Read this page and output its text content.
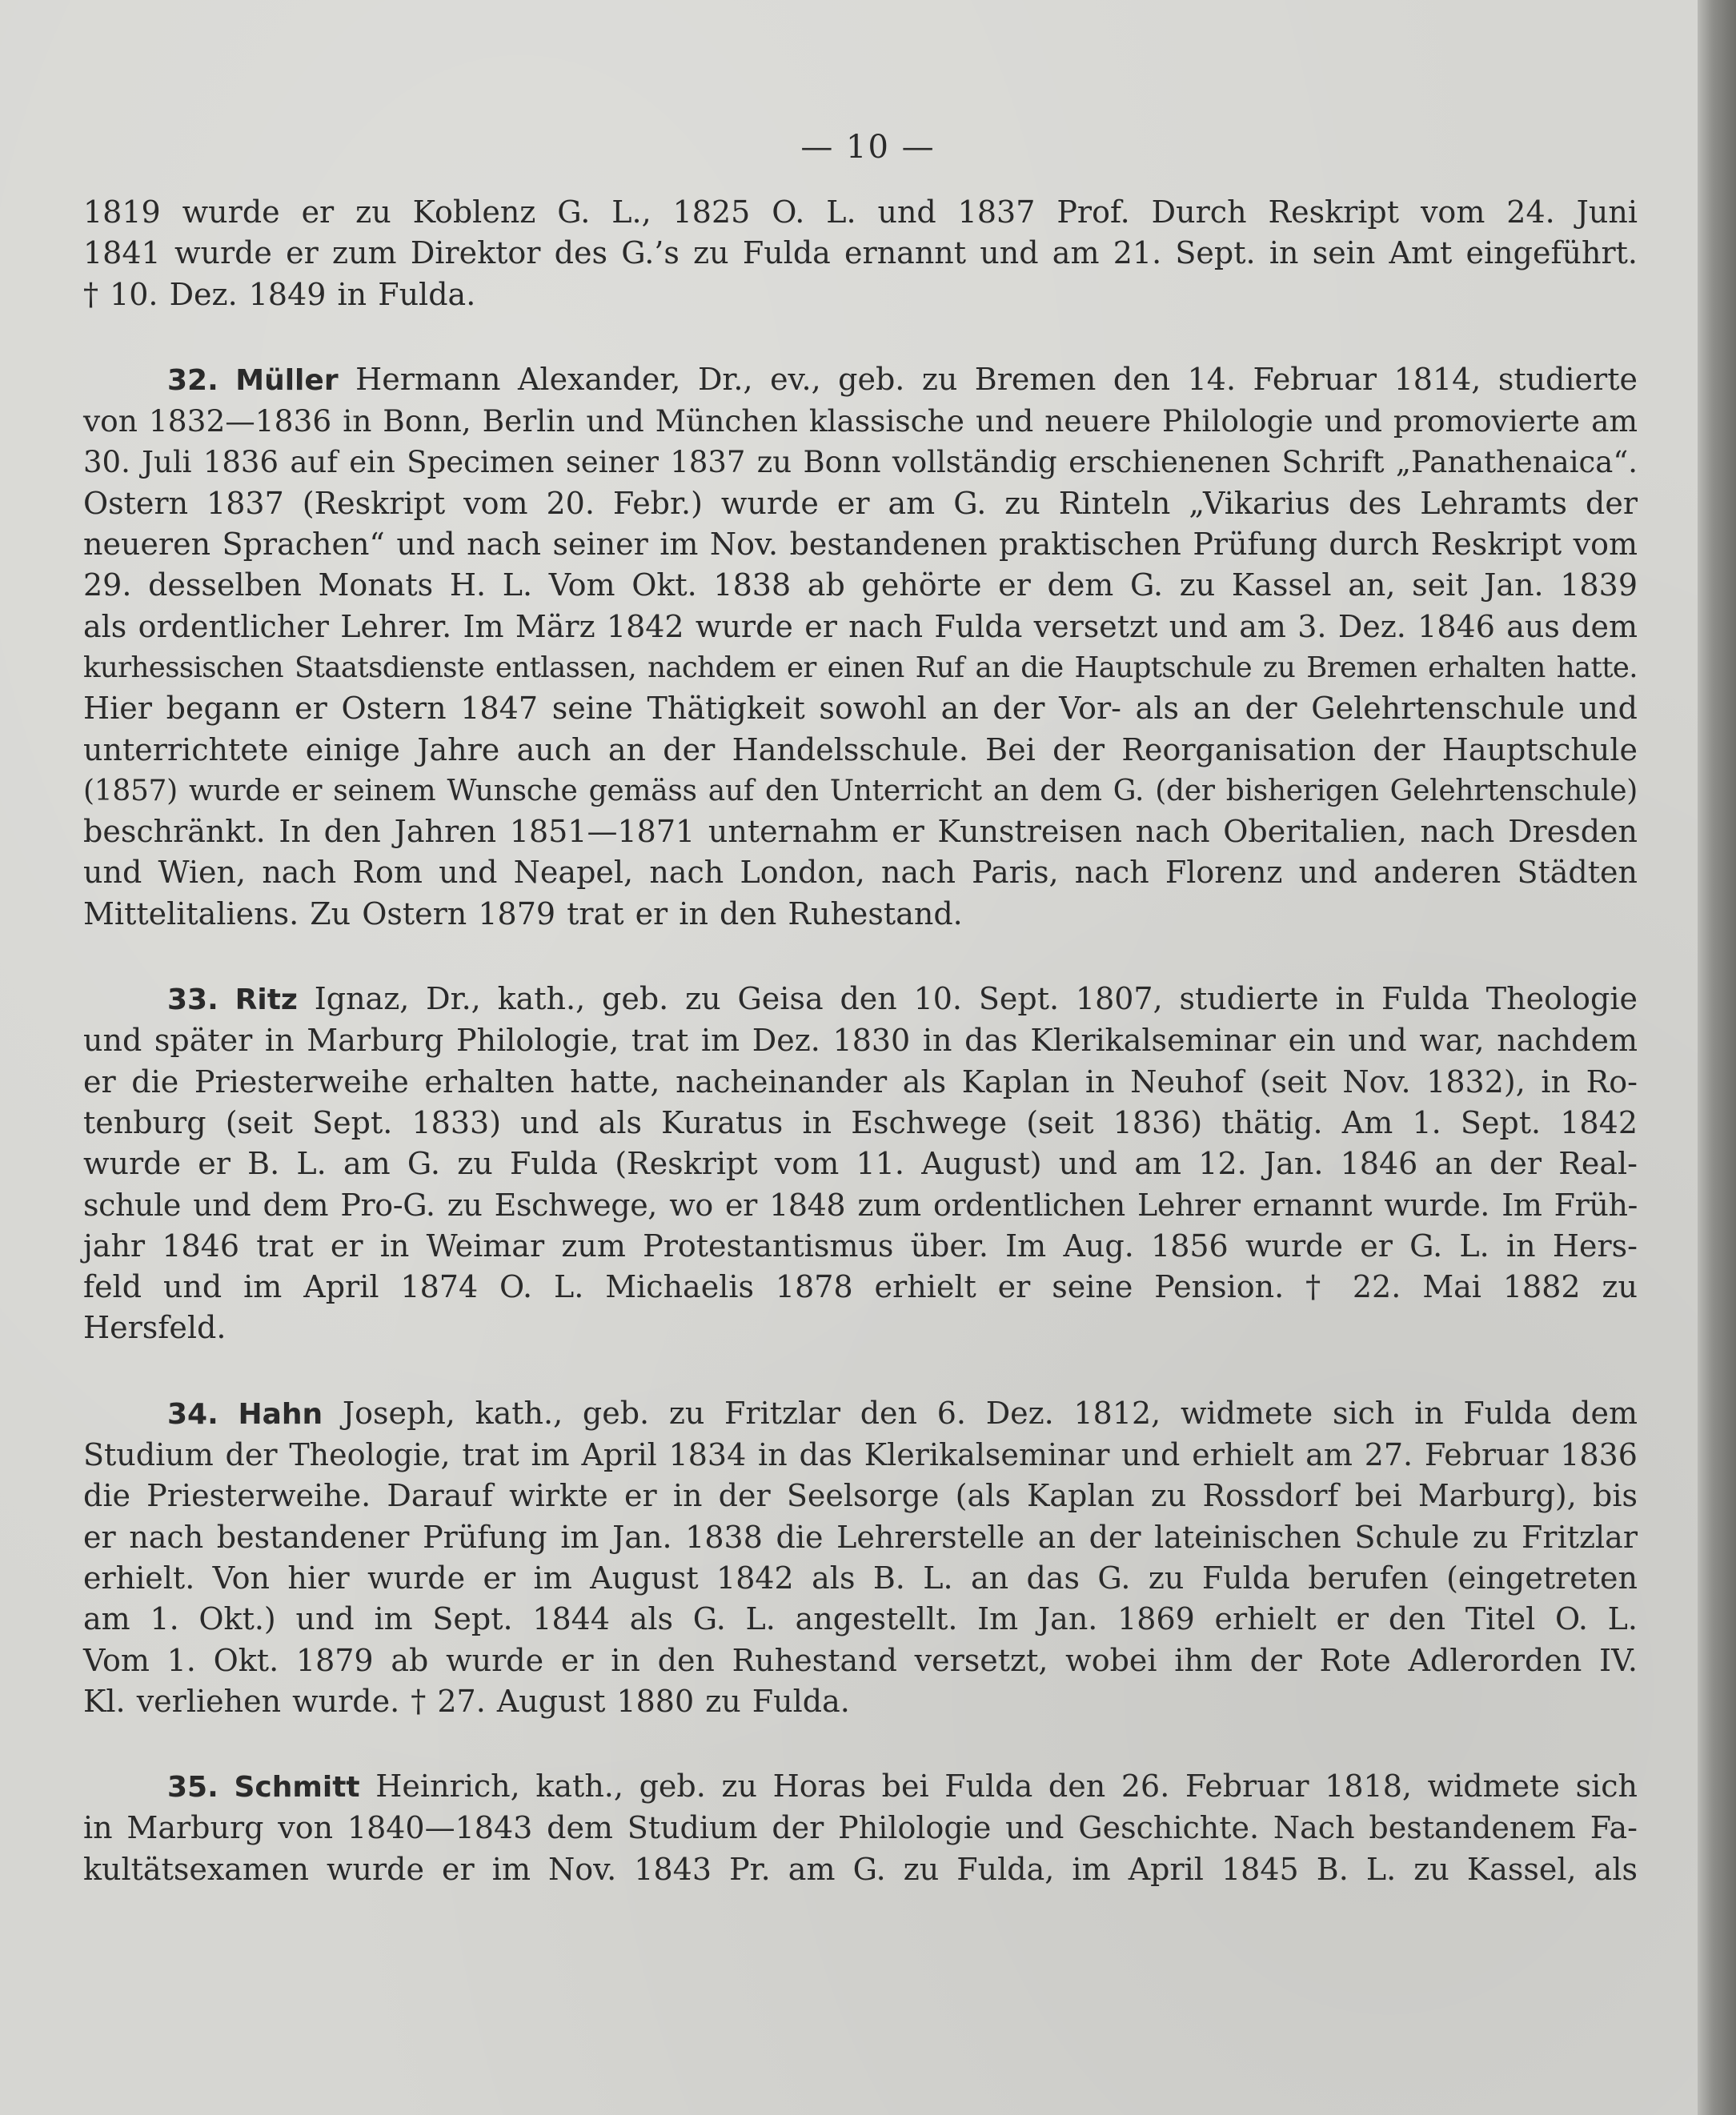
— 10 —
1819 wurde er zu Koblenz G. L., 1825 O. L. und 1837 Prof. Durch Reskript vom 24. Juni
1841 wurde er zum Direktor des G.’s zu Fulda ernannt und am 21. Sept. in sein Amt eingeführt.
† 10. Dez. 1849 in Fulda.
32. Müller Hermann Alexander, Dr., ev., geb. zu Bremen den 14. Februar 1814, studierte
von 1832—1836 in Bonn, Berlin und München klassische und neuere Philologie und promovierte am
30. Juli 1836 auf ein Specimen seiner 1837 zu Bonn vollständig erschienenen Schrift „Panathenaica“.
Ostern 1837 (Reskript vom 20. Febr.) wurde er am G. zu Rinteln „Vikarius des Lehramts der
neueren Sprachen“ und nach seiner im Nov. bestandenen praktischen Prüfung durch Reskript vom
29. desselben Monats H. L. Vom Okt. 1838 ab gehörte er dem G. zu Kassel an, seit Jan. 1839
als ordentlicher Lehrer. Im März 1842 wurde er nach Fulda versetzt und am 3. Dez. 1846 aus dem
kurhessischen Staatsdienste entlassen, nachdem er einen Ruf an die Hauptschule zu Bremen erhalten hatte.
Hier begann er Ostern 1847 seine Thätigkeit sowohl an der Vor- als an der Gelehrtenschule und
unterrichtete einige Jahre auch an der Handelsschule. Bei der Reorganisation der Hauptschule
(1857) wurde er seinem Wunsche gemäss auf den Unterricht an dem G. (der bisherigen Gelehrtenschule)
beschränkt. In den Jahren 1851—1871 unternahm er Kunstreisen nach Oberitalien, nach Dresden
und Wien, nach Rom und Neapel, nach London, nach Paris, nach Florenz und anderen Städten
Mittelitaliens. Zu Ostern 1879 trat er in den Ruhestand.
33. Ritz Ignaz, Dr., kath., geb. zu Geisa den 10. Sept. 1807, studierte in Fulda Theologie
und später in Marburg Philologie, trat im Dez. 1830 in das Klerikalseminar ein und war, nachdem
er die Priesterweihe erhalten hatte, nacheinander als Kaplan in Neuhof (seit Nov. 1832), in Ro-
tenburg (seit Sept. 1833) und als Kuratus in Eschwege (seit 1836) thätig. Am 1. Sept. 1842
wurde er B. L. am G. zu Fulda (Reskript vom 11. August) und am 12. Jan. 1846 an der Real-
schule und dem Pro-G. zu Eschwege, wo er 1848 zum ordentlichen Lehrer ernannt wurde. Im Früh-
jahr 1846 trat er in Weimar zum Protestantismus über. Im Aug. 1856 wurde er G. L. in Hers-
feld und im April 1874 O. L. Michaelis 1878 erhielt er seine Pension. † 22. Mai 1882 zu
Hersfeld.
34. Hahn Joseph, kath., geb. zu Fritzlar den 6. Dez. 1812, widmete sich in Fulda dem
Studium der Theologie, trat im April 1834 in das Klerikalseminar und erhielt am 27. Februar 1836
die Priesterweihe. Darauf wirkte er in der Seelsorge (als Kaplan zu Rossdorf bei Marburg), bis
er nach bestandener Prüfung im Jan. 1838 die Lehrerstelle an der lateinischen Schule zu Fritzlar
erhielt. Von hier wurde er im August 1842 als B. L. an das G. zu Fulda berufen (eingetreten
am 1. Okt.) und im Sept. 1844 als G. L. angestellt. Im Jan. 1869 erhielt er den Titel O. L.
Vom 1. Okt. 1879 ab wurde er in den Ruhestand versetzt, wobei ihm der Rote Adlerorden IV.
Kl. verliehen wurde. † 27. August 1880 zu Fulda.
35. Schmitt Heinrich, kath., geb. zu Horas bei Fulda den 26. Februar 1818, widmete sich
in Marburg von 1840—1843 dem Studium der Philologie und Geschichte. Nach bestandenem Fa-
kultätsexamen wurde er im Nov. 1843 Pr. am G. zu Fulda, im April 1845 B. L. zu Kassel, als
